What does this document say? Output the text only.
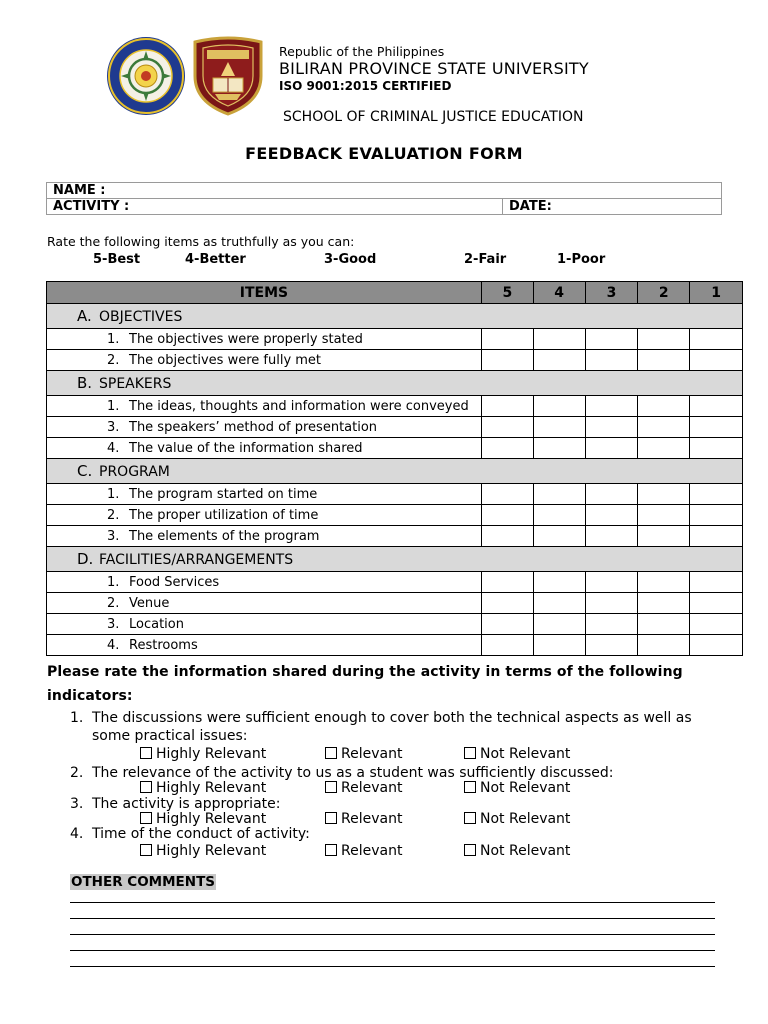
Republic of the Philippines
BILIRAN PROVINCE STATE UNIVERSITY
ISO 9001:2015 CERTIFIED
SCHOOL OF CRIMINAL JUSTICE EDUCATION
FEEDBACK EVALUATION FORM
NAME :
ACTIVITY :	DATE:
Rate the following items as truthfully as you can:
5-Best	4-Better	3-Good	2-Fair	1-Poor
ITEMS	5	4	3	2	1
A. OBJECTIVES					
1. The objectives were properly stated					
2. The objectives were fully met					
B. SPEAKERS					
1. The ideas, thoughts and information were conveyed					
3. The speakers’ method of presentation					
4. The value of the information shared					
C. PROGRAM					
1. The program started on time					
2. The proper utilization of time					
3. The elements of the program					
D. FACILITIES/ARRANGEMENTS					
1. Food Services					
2. Venue					
3. Location					
4. Restrooms					
Please rate the information shared during the activity in terms of the following indicators:
1. The discussions were sufficient enough to cover both the technical aspects as well as
some practical issues:
2. The relevance of the activity to us as a student was sufficiently discussed:
3. The activity is appropriate:
4. Time of the conduct of activity:
Highly Relevant	Relevant	Not Relevant
Highly Relevant	Relevant	Not Relevant
Highly Relevant	Relevant	Not Relevant
Highly Relevant	Relevant	Not Relevant
OTHER COMMENTS
